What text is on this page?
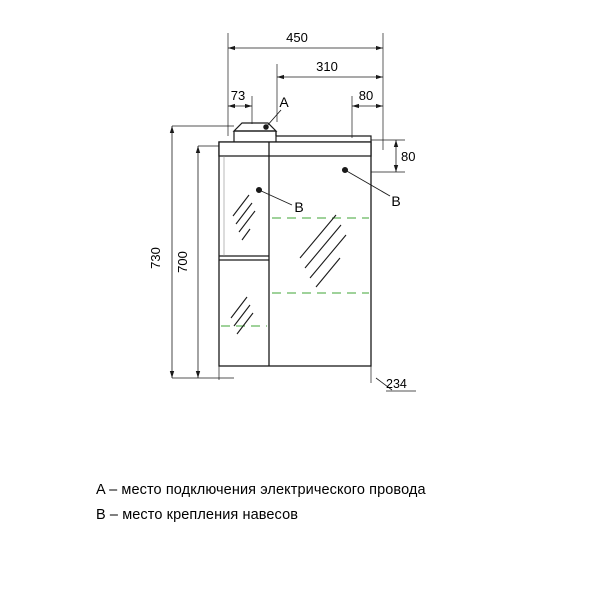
450
310
73	80
80
730 700
234
A
B	B
A – место подключения электрического провода
B – место крепления навесов
